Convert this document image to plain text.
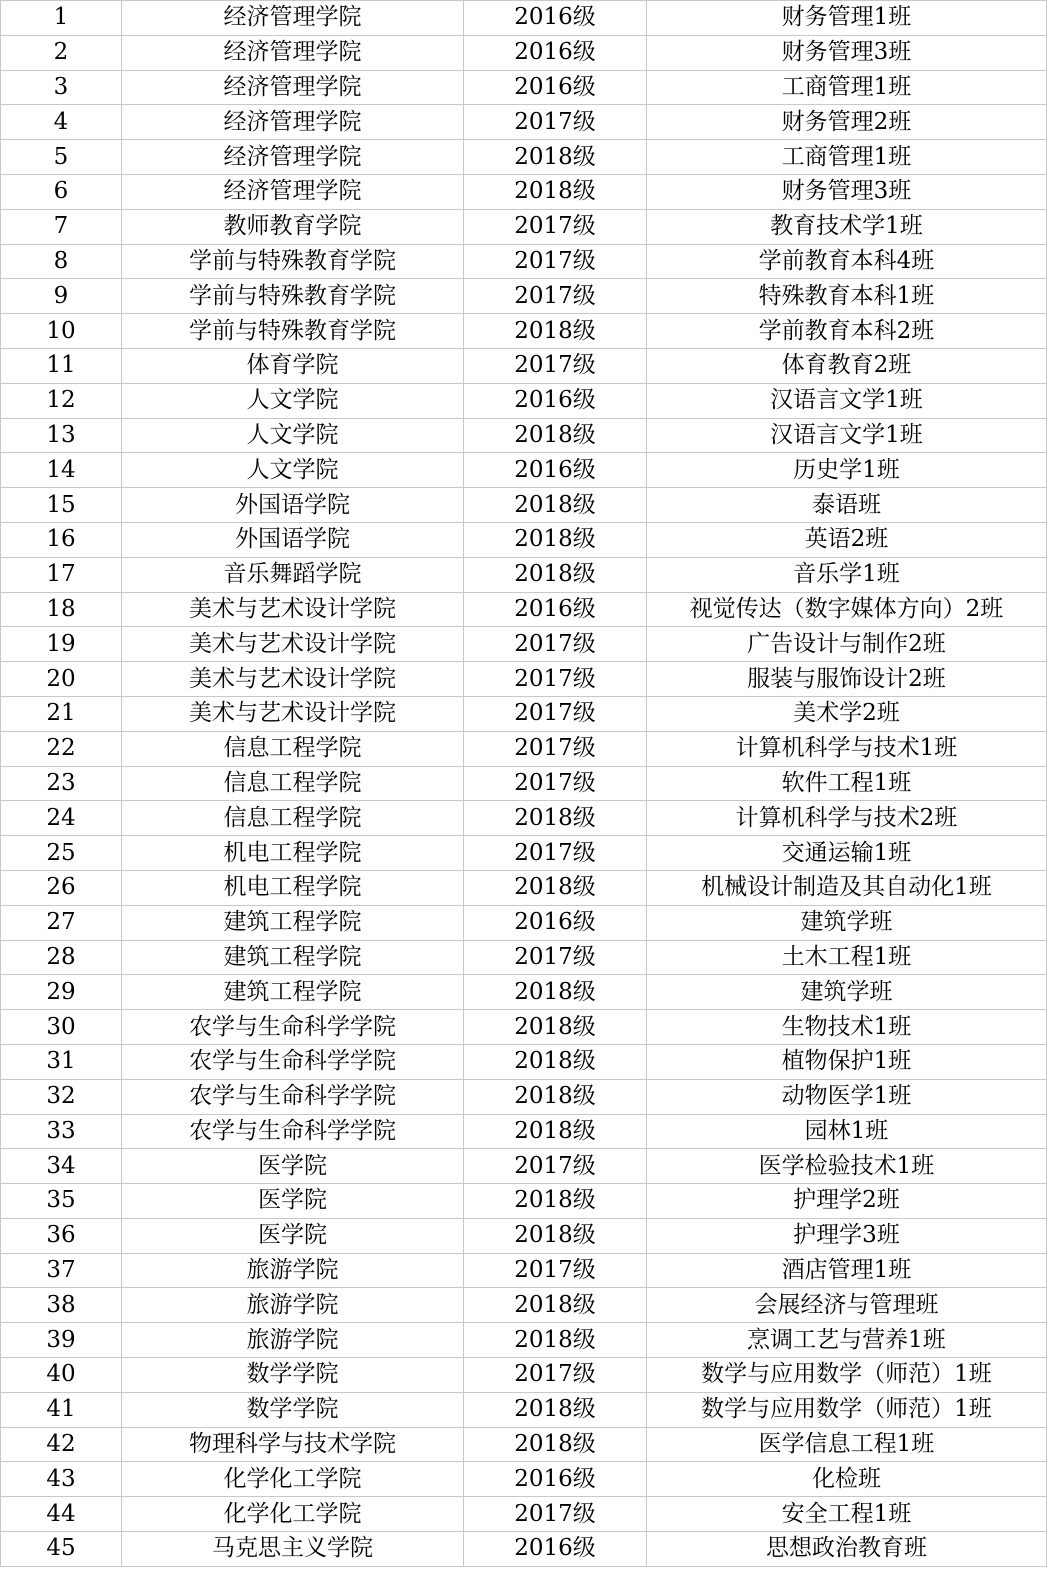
1	经济管理学院	2016级	财务管理1班
2	经济管理学院	2016级	财务管理3班
3	经济管理学院	2016级	工商管理1班
4	经济管理学院	2017级	财务管理2班
5	经济管理学院	2018级	工商管理1班
6	经济管理学院	2018级	财务管理3班
7	教师教育学院	2017级	教育技术学1班
8	学前与特殊教育学院	2017级	学前教育本科4班
9	学前与特殊教育学院	2017级	特殊教育本科1班
10	学前与特殊教育学院	2018级	学前教育本科2班
11	体育学院	2017级	体育教育2班
12	人文学院	2016级	汉语言文学1班
13	人文学院	2018级	汉语言文学1班
14	人文学院	2016级	历史学1班
15	外国语学院	2018级	泰语班
16	外国语学院	2018级	英语2班
17	音乐舞蹈学院	2018级	音乐学1班
18	美术与艺术设计学院	2016级	视觉传达（数字媒体方向）2班
19	美术与艺术设计学院	2017级	广告设计与制作2班
20	美术与艺术设计学院	2017级	服装与服饰设计2班
21	美术与艺术设计学院	2017级	美术学2班
22	信息工程学院	2017级	计算机科学与技术1班
23	信息工程学院	2017级	软件工程1班
24	信息工程学院	2018级	计算机科学与技术2班
25	机电工程学院	2017级	交通运输1班
26	机电工程学院	2018级	机械设计制造及其自动化1班
27	建筑工程学院	2016级	建筑学班
28	建筑工程学院	2017级	土木工程1班
29	建筑工程学院	2018级	建筑学班
30	农学与生命科学学院	2018级	生物技术1班
31	农学与生命科学学院	2018级	植物保护1班
32	农学与生命科学学院	2018级	动物医学1班
33	农学与生命科学学院	2018级	园林1班
34	医学院	2017级	医学检验技术1班
35	医学院	2018级	护理学2班
36	医学院	2018级	护理学3班
37	旅游学院	2017级	酒店管理1班
38	旅游学院	2018级	会展经济与管理班
39	旅游学院	2018级	烹调工艺与营养1班
40	数学学院	2017级	数学与应用数学（师范）1班
41	数学学院	2018级	数学与应用数学（师范）1班
42	物理科学与技术学院	2018级	医学信息工程1班
43	化学化工学院	2016级	化检班
44	化学化工学院	2017级	安全工程1班
45	马克思主义学院	2016级	思想政治教育班
